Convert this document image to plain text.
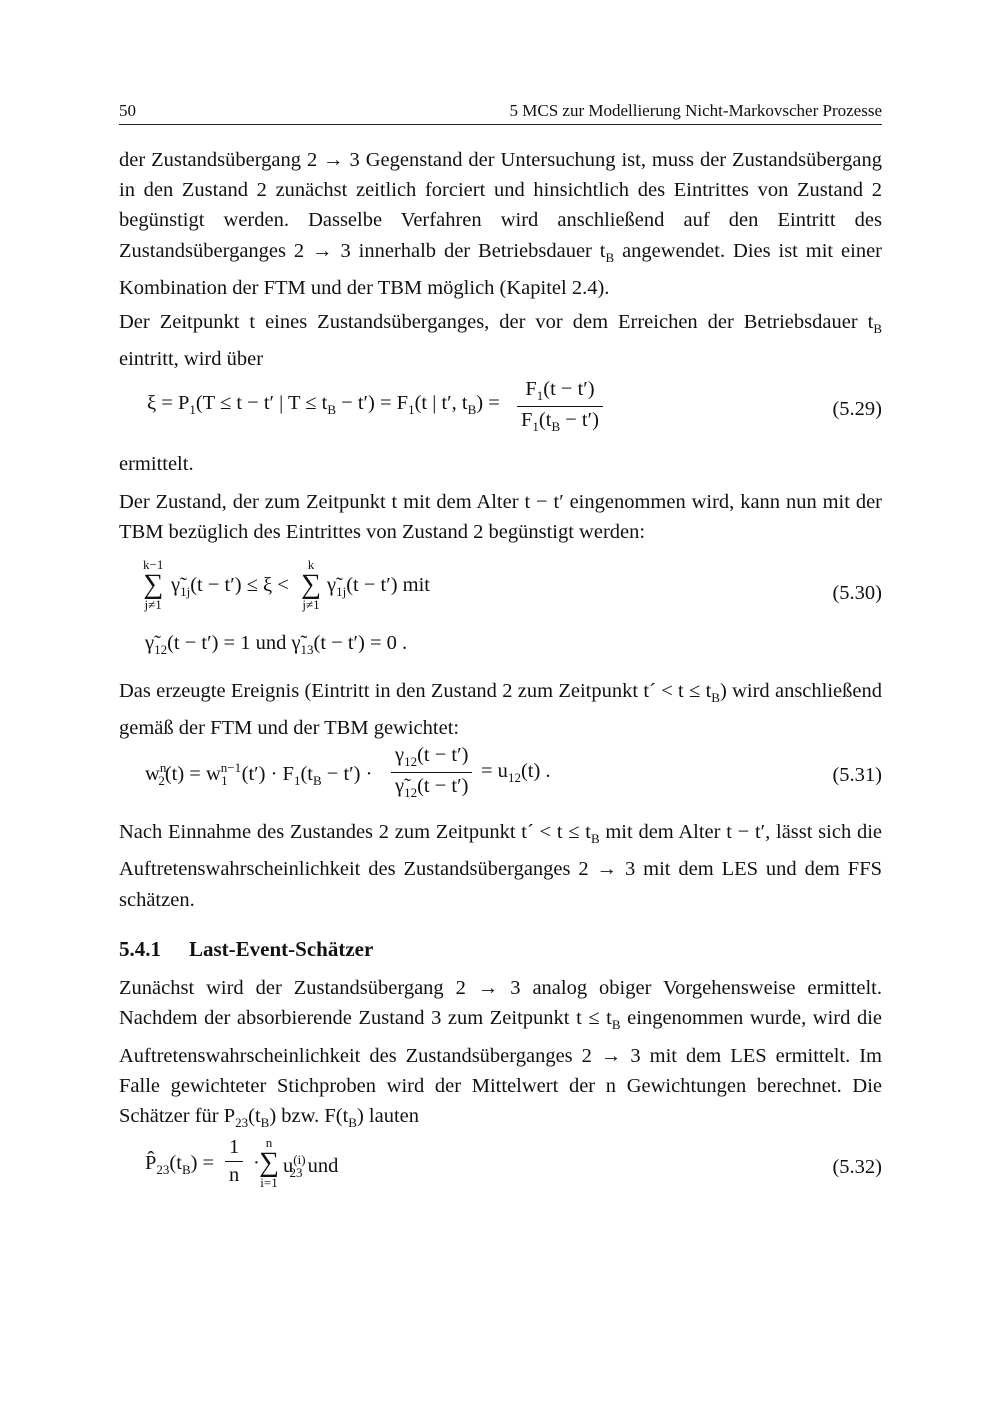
50	5 MCS zur Modellierung Nicht-Markovscher Prozesse

der Zustandsübergang 2 → 3 Gegenstand der Untersuchung ist, muss der Zustandsübergang in den Zustand 2 zunächst zeitlich forciert und hinsichtlich des Eintrittes von Zustand 2 begünstigt werden. Dasselbe Verfahren wird anschließend auf den Eintritt des Zustandsüberganges 2 → 3 innerhalb der Betriebsdauer $t_B$ angewendet. Dies ist mit einer Kombination der FTM und der TBM möglich (Kapitel 2.4).

Der Zeitpunkt t eines Zustandsüberganges, der vor dem Erreichen der Betriebsdauer $t_B$ eintritt, wird über

$\xi = P_1(T \le t - t'$ | $T \le t_B - t') = F_1(t$ | t′, $t_B) = \frac{F_1(t - t')}{F_1(t_B - t')}$	(5.29)

ermittelt.

Der Zustand, der zum Zeitpunkt t mit dem Alter t − t′ eingenommen wird, kann nun mit der TBM bezüglich des Eintrittes von Zustand 2 begünstigt werden:

k−1
∑
j≠1
$\gammã_{1j}(t - t') \le \xi$ <
k
∑
j≠1
$\gammã_{1j}(t - t')$ mit	(5.30)
$\gammã_{12}(t - t') = 1$ und $\gammã_{13}(t - t') = 0$ .

Das erzeugte Ereignis (Eintritt in den Zustand 2 zum Zeitpunkt t´ < $t \le t_B$) wird anschließend gemäß der FTM und der TBM gewichtet:

$w^n_2(t) = w^{n-1}_1$ $(t') \cdot F_1(t_B - t') \cdot \frac{\gamma_{12}(t - t')}{\gammã_{12}(t - t')} = u_{12}(t)$ .	(5.31)

Nach Einnahme des Zustandes 2 zum Zeitpunkt t´ < $t \le t_B$ mit dem Alter t − t′, lässt sich die Auftretenswahrscheinlichkeit des Zustandsüberganges 2 → 3 mit dem LES und dem FFS schätzen.

5.4.1 Last-Event-Schätzer

Zunächst wird der Zustandsübergang 2 → 3 analog obiger Vorgehensweise ermittelt. Nachdem der absorbierende Zustand 3 zum Zeitpunkt $t \le t_B$ eingenommen wurde, wird die Auftretenswahrscheinlichkeit des Zustandsüberganges 2 → 3 mit dem LES ermittelt. Im Falle gewichteter Stichproben wird der Mittelwert der n Gewichtungen berechnet. Die Schätzer für $P_{23}(t_B)$ bzw. $F(t_B)$ lauten

$P̂_{23}(t_B) = \frac{1}{n}$ ·
n
∑
i=1
$u^{(i)}_{23}$ und	(5.32)
